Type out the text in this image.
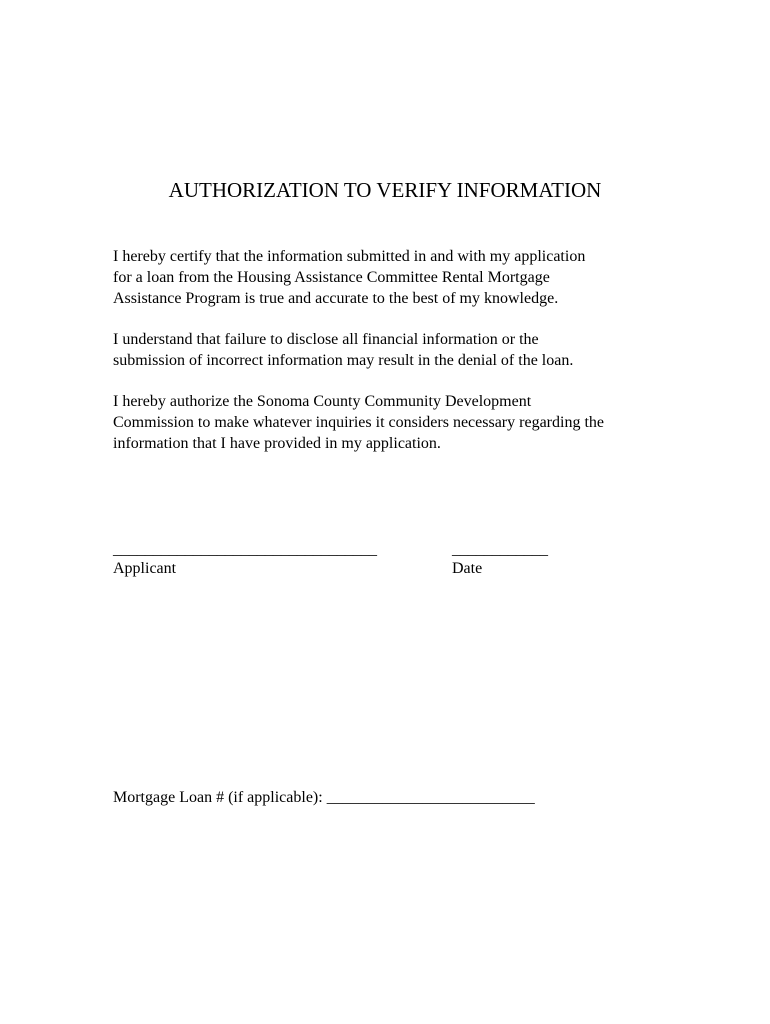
AUTHORIZATION TO VERIFY INFORMATION
I hereby certify that the information submitted in and with my application
for a loan from the Housing Assistance Committee Rental Mortgage
Assistance Program is true and accurate to the best of my knowledge.
I understand that failure to disclose all financial information or the
submission of incorrect information may result in the denial of the loan.
I hereby authorize the Sonoma County Community Development
Commission to make whatever inquiries it considers necessary regarding the
information that I have provided in my application.
_________________________________	____________
Applicant	Date
Mortgage Loan # (if applicable): __________________________
